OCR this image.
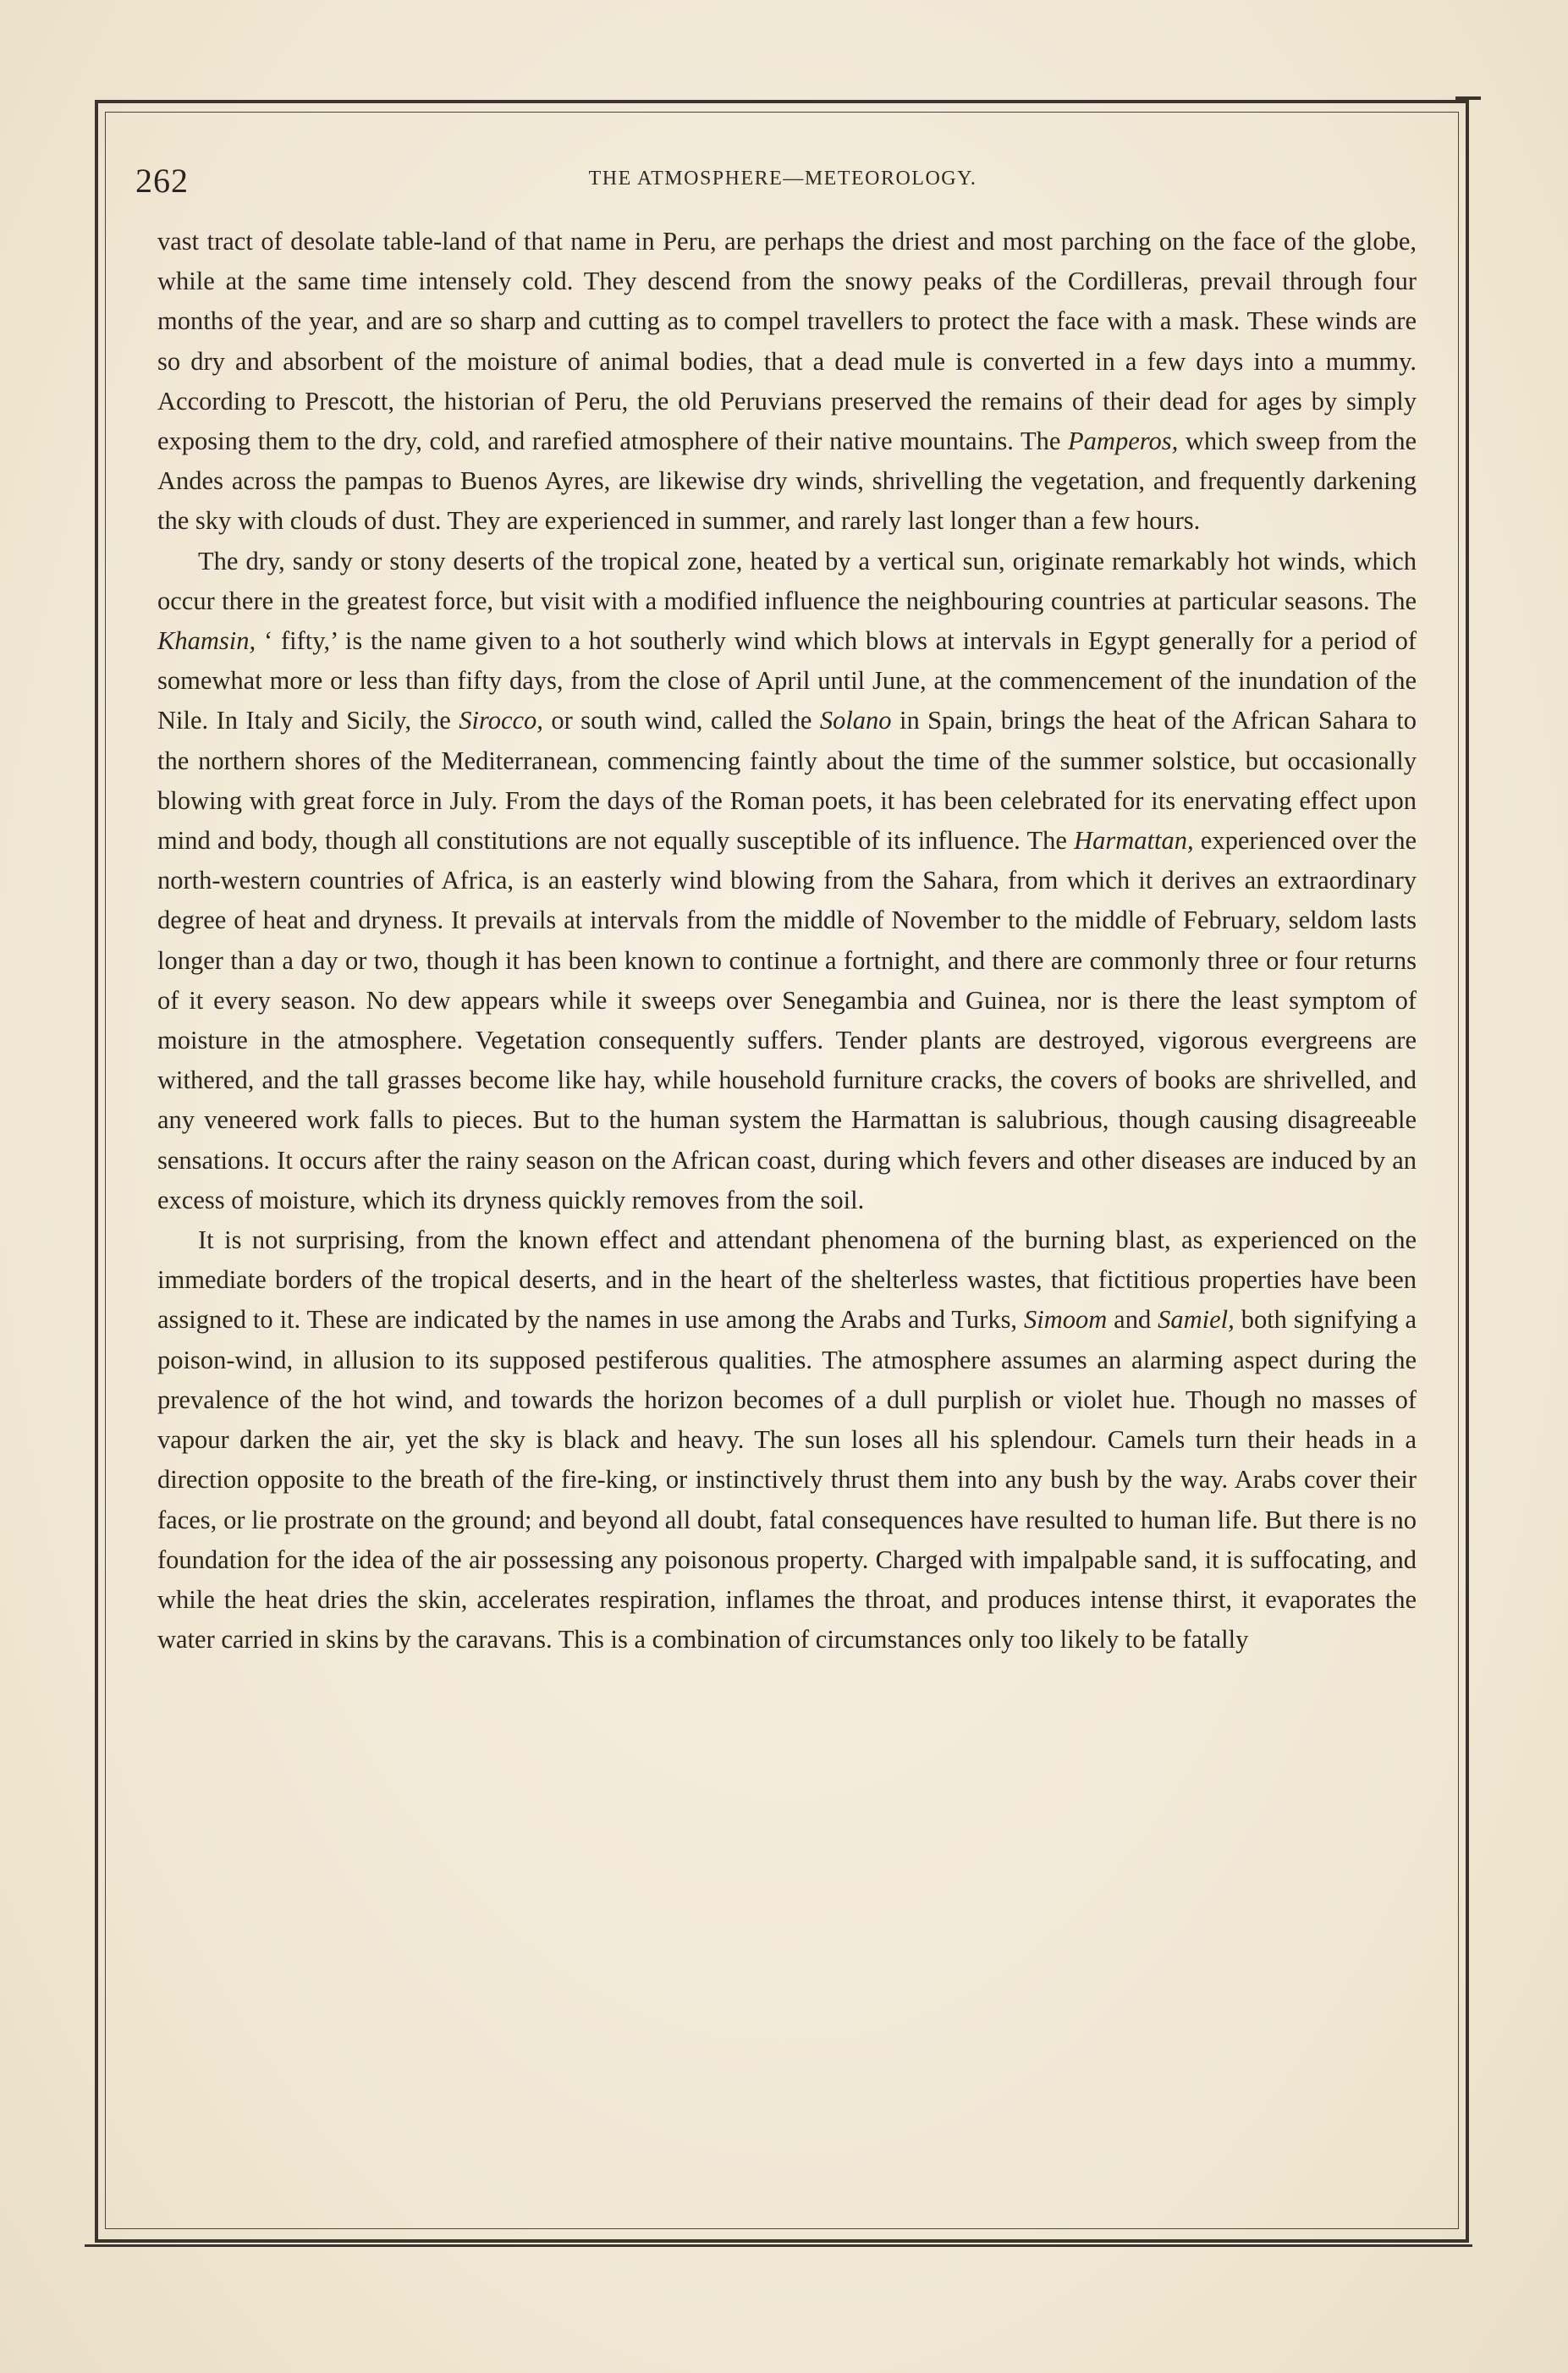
262	THE ATMOSPHERE—METEOROLOGY.

vast tract of desolate table-land of that name in Peru, are perhaps the driest and most parching on the face of the globe, while at the same time intensely cold. They descend from the snowy peaks of the Cordilleras, prevail through four months of the year, and are so sharp and cutting as to compel travellers to protect the face with a mask. These winds are so dry and absorbent of the moisture of animal bodies, that a dead mule is converted in a few days into a mummy. According to Prescott, the historian of Peru, the old Peruvians preserved the remains of their dead for ages by simply exposing them to the dry, cold, and rarefied atmosphere of their native mountains. The Pamperos, which sweep from the Andes across the pampas to Buenos Ayres, are likewise dry winds, shrivelling the vegetation, and frequently darkening the sky with clouds of dust. They are experienced in summer, and rarely last longer than a few hours.

The dry, sandy or stony deserts of the tropical zone, heated by a vertical sun, originate remarkably hot winds, which occur there in the greatest force, but visit with a modified influence the neighbouring countries at particular seasons. The Khamsin, ‘ fifty,’ is the name given to a hot southerly wind which blows at intervals in Egypt generally for a period of somewhat more or less than fifty days, from the close of April until June, at the commencement of the inundation of the Nile. In Italy and Sicily, the Sirocco, or south wind, called the Solano in Spain, brings the heat of the African Sahara to the northern shores of the Mediterranean, commencing faintly about the time of the summer solstice, but occasionally blowing with great force in July. From the days of the Roman poets, it has been celebrated for its enervating effect upon mind and body, though all constitutions are not equally susceptible of its influence. The Harmattan, experienced over the north-western countries of Africa, is an easterly wind blowing from the Sahara, from which it derives an extraordinary degree of heat and dryness. It prevails at intervals from the middle of November to the middle of February, seldom lasts longer than a day or two, though it has been known to continue a fortnight, and there are commonly three or four returns of it every season. No dew appears while it sweeps over Senegambia and Guinea, nor is there the least symptom of moisture in the atmosphere. Vegetation consequently suffers. Tender plants are destroyed, vigorous evergreens are withered, and the tall grasses become like hay, while household furniture cracks, the covers of books are shrivelled, and any veneered work falls to pieces. But to the human system the Harmattan is salubrious, though causing disagreeable sensations. It occurs after the rainy season on the African coast, during which fevers and other diseases are induced by an excess of moisture, which its dryness quickly removes from the soil.

It is not surprising, from the known effect and attendant phenomena of the burning blast, as experienced on the immediate borders of the tropical deserts, and in the heart of the shelterless wastes, that fictitious properties have been assigned to it. These are indicated by the names in use among the Arabs and Turks, Simoom and Samiel, both signifying a poison-wind, in allusion to its supposed pestiferous qualities. The atmosphere assumes an alarming aspect during the prevalence of the hot wind, and towards the horizon becomes of a dull purplish or violet hue. Though no masses of vapour darken the air, yet the sky is black and heavy. The sun loses all his splendour. Camels turn their heads in a direction opposite to the breath of the fire-king, or instinctively thrust them into any bush by the way. Arabs cover their faces, or lie prostrate on the ground; and beyond all doubt, fatal consequences have resulted to human life. But there is no foundation for the idea of the air possessing any poisonous property. Charged with impalpable sand, it is suffocating, and while the heat dries the skin, accelerates respiration, inflames the throat, and produces intense thirst, it evaporates the water carried in skins by the caravans. This is a combination of circumstances only too likely to be fatally
